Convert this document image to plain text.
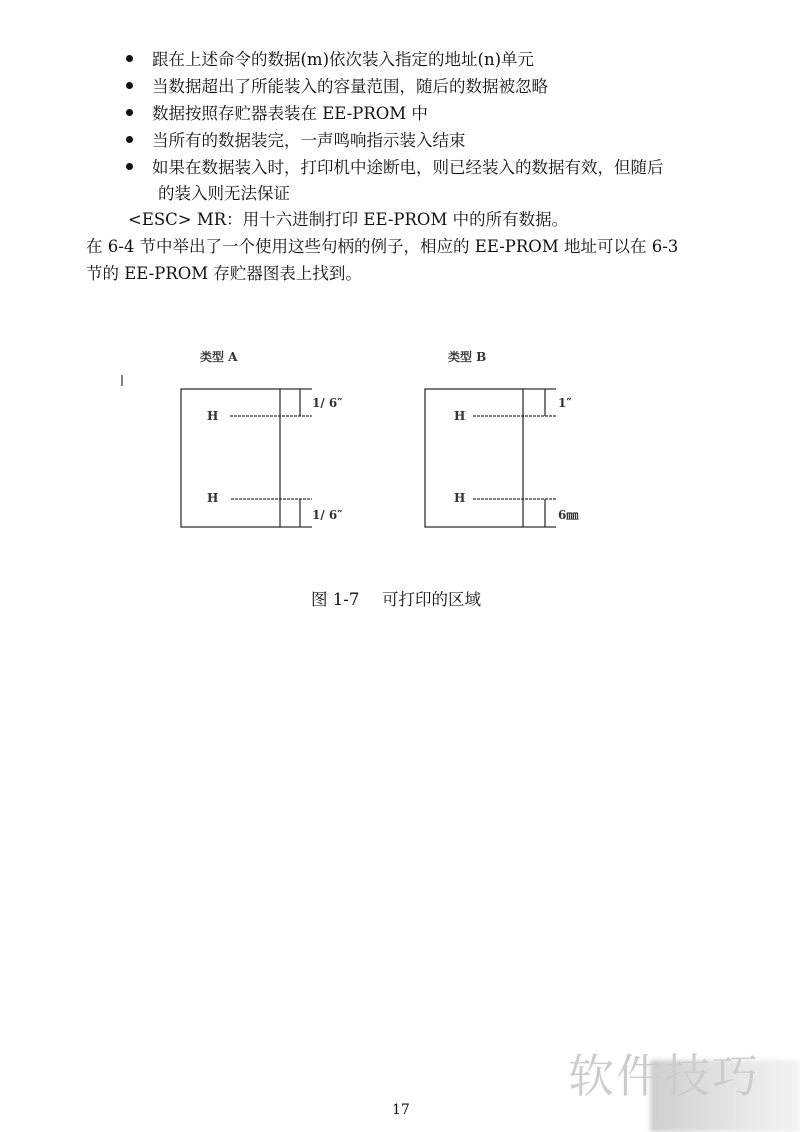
跟在上述命令的数据(m)依次装入指定的地址(n)单元
当数据超出了所能装入的容量范围，随后的数据被忽略
数据按照存贮器表装在 EE-PROM 中
当所有的数据装完，一声鸣响指示装入结束
如果在数据装入时，打印机中途断电，则已经装入的数据有效，但随后
的装入则无法保证
<ESC> MR：用十六进制打印 EE-PROM 中的所有数据。
在 6-4 节中举出了一个使用这些句柄的例子，相应的 EE-PROM 地址可以在 6-3
节的 EE-PROM 存贮器图表上找到。
类型 A
H
H
1/ 6″
1/ 6″
类型 B
H
H
1″
6㎜
图 1-7 可打印的区域
软件技巧
17
